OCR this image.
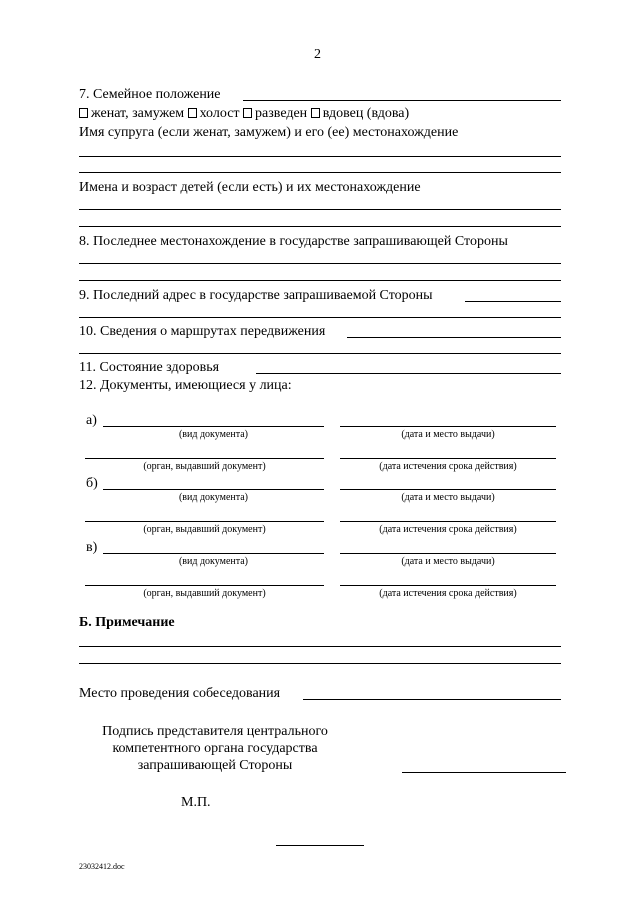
2
7. Семейное положение
женат, замужем холост разведен вдовец (вдова)
Имя супруга (если женат, замужем) и его (ее) местонахождение
Имена и возраст детей (если есть) и их местонахождение
8. Последнее местонахождение в государстве запрашивающей Стороны
9. Последний адрес в государстве запрашиваемой Стороны
10. Сведения о маршрутах передвижения
11. Состояние здоровья
12. Документы, имеющиеся у лица:
а)
(вид документа)	(дата и место выдачи)
(орган, выдавший документ)	(дата истечения срока действия)
б)
(вид документа)	(дата и место выдачи)
(орган, выдавший документ)	(дата истечения срока действия)
в)
(вид документа)	(дата и место выдачи)
(орган, выдавший документ)	(дата истечения срока действия)
Б. Примечание
Место проведения собеседования
Подпись представителя центрального
компетентного органа государства
запрашивающей Стороны
М.П.
23032412.doc
